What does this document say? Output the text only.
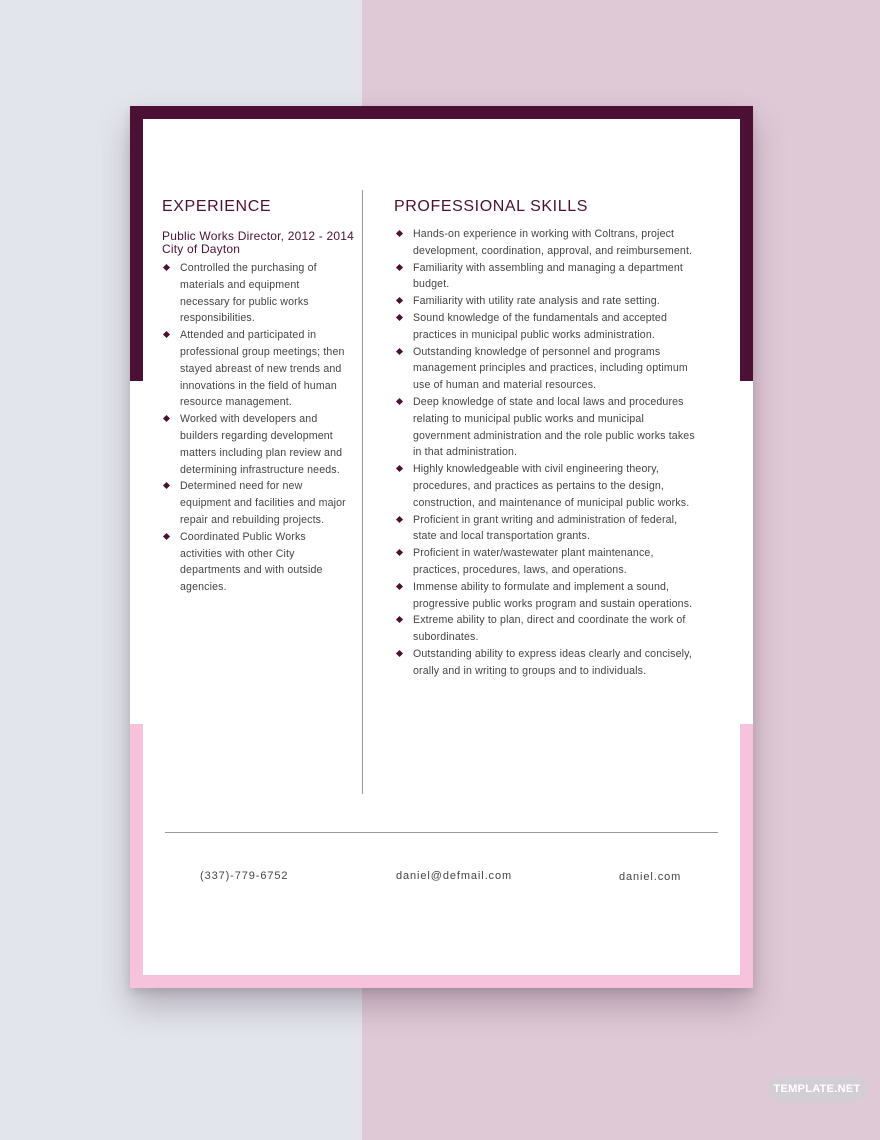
EXPERIENCE
Public Works Director, 2012 - 2014
City of Dayton
Controlled the purchasing of materials and equipment necessary for public works responsibilities.
Attended and participated in professional group meetings; then stayed abreast of new trends and innovations in the field of human resource management.
Worked with developers and builders regarding development matters including plan review and determining infrastructure needs.
Determined need for new equipment and facilities and major repair and rebuilding projects.
Coordinated Public Works activities with other City departments and with outside agencies.
PROFESSIONAL SKILLS
Hands-on experience in working with Coltrans, project development, coordination, approval, and reimbursement.
Familiarity with assembling and managing a department budget.
Familiarity with utility rate analysis and rate setting.
Sound knowledge of the fundamentals and accepted practices in municipal public works administration.
Outstanding knowledge of personnel and programs management principles and practices, including optimum use of human and material resources.
Deep knowledge of state and local laws and procedures relating to municipal public works and municipal government administration and the role public works takes in that administration.
Highly knowledgeable with civil engineering theory, procedures, and practices as pertains to the design, construction, and maintenance of municipal public works.
Proficient in grant writing and administration of federal, state and local transportation grants.
Proficient in water/wastewater plant maintenance, practices, procedures, laws, and operations.
Immense ability to formulate and implement a sound, progressive public works program and sustain operations.
Extreme ability to plan, direct and coordinate the work of subordinates.
Outstanding ability to express ideas clearly and concisely, orally and in writing to groups and to individuals.
(337)-779-6752	daniel@defmail.com	daniel.com
TEMPLATE.NET
